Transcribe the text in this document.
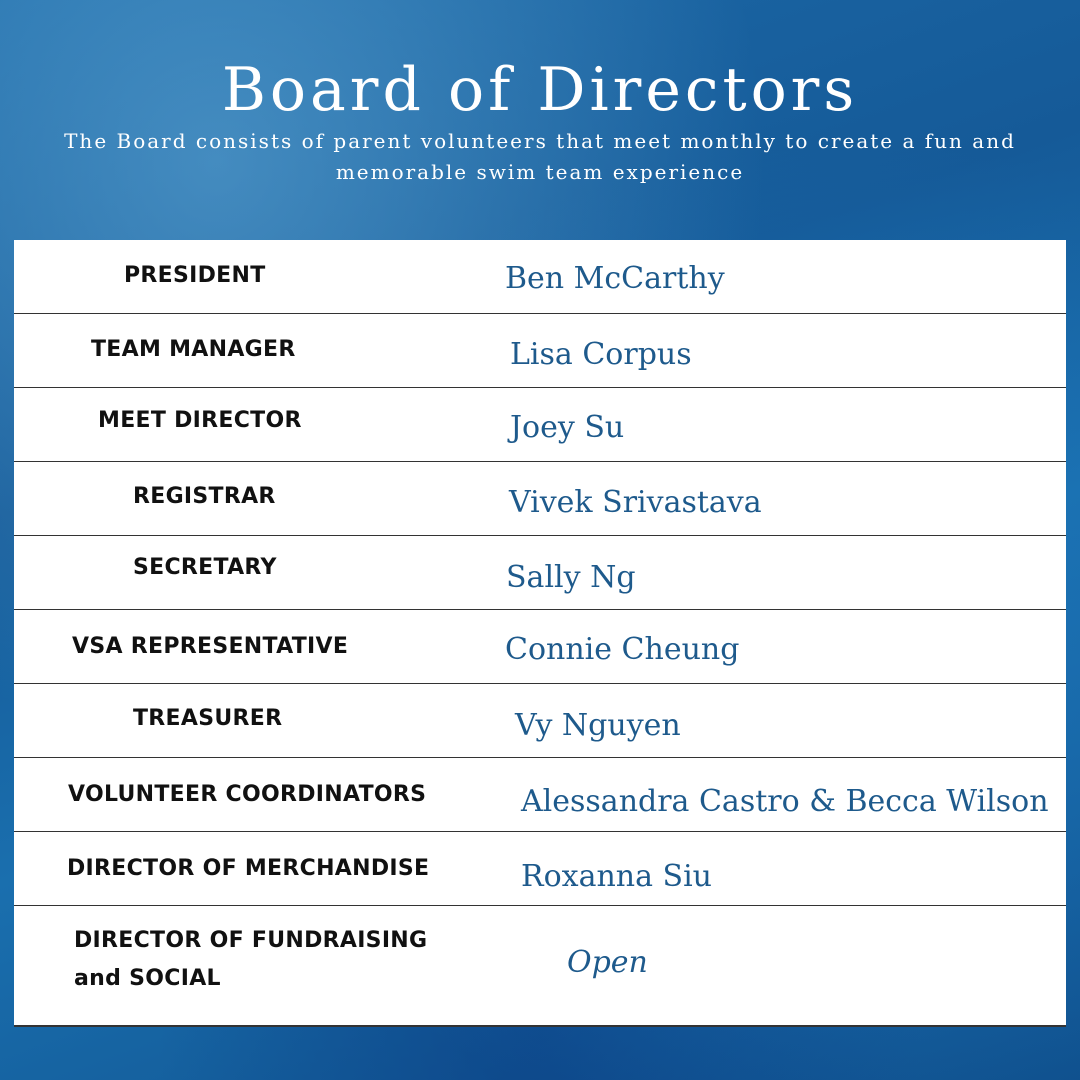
Board of Directors

The Board consists of parent volunteers that meet monthly to create a fun and memorable swim team experience

PRESIDENT	Ben McCarthy
TEAM MANAGER	Lisa Corpus
MEET DIRECTOR	Joey Su
REGISTRAR	Vivek Srivastava
SECRETARY	Sally Ng
VSA REPRESENTATIVE	Connie Cheung
TREASURER	Vy Nguyen
VOLUNTEER COORDINATORS	Alessandra Castro & Becca Wilson
DIRECTOR OF MERCHANDISE	Roxanna Siu
DIRECTOR OF FUNDRAISING and SOCIAL	Open
